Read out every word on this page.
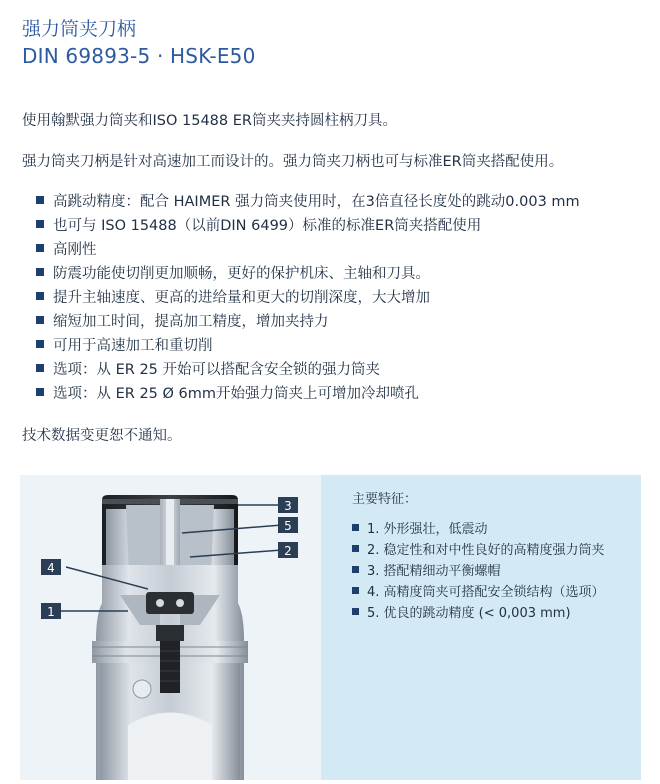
强力筒夹刀柄
DIN 69893-5 · HSK-E50
使用翰默强力筒夹和ISO 15488 ER筒夹夹持圆柱柄刀具。
强力筒夹刀柄是针对高速加工而设计的。强力筒夹刀柄也可与标准ER筒夹搭配使用。
高跳动精度：配合 HAIMER 强力筒夹使用时，在3倍直径长度处的跳动0.003 mm
也可与 ISO 15488（以前DIN 6499）标准的标准ER筒夹搭配使用
高刚性
防震功能使切削更加顺畅，更好的保护机床、主轴和刀具。
提升主轴速度、更高的进给量和更大的切削深度，大大增加
缩短加工时间，提高加工精度，增加夹持力
可用于高速加工和重切削
选项：从 ER 25 开始可以搭配含安全锁的强力筒夹
选项：从 ER 25 Ø 6mm开始强力筒夹上可增加冷却喷孔
技术数据变更恕不通知。
3
5
2
4
1
主要特征：
1. 外形强壮，低震动
2. 稳定性和对中性良好的高精度强力筒夹
3. 搭配精细动平衡螺帽
4. 高精度筒夹可搭配安全锁结构（选项）
5. 优良的跳动精度 (< 0,003 mm)
